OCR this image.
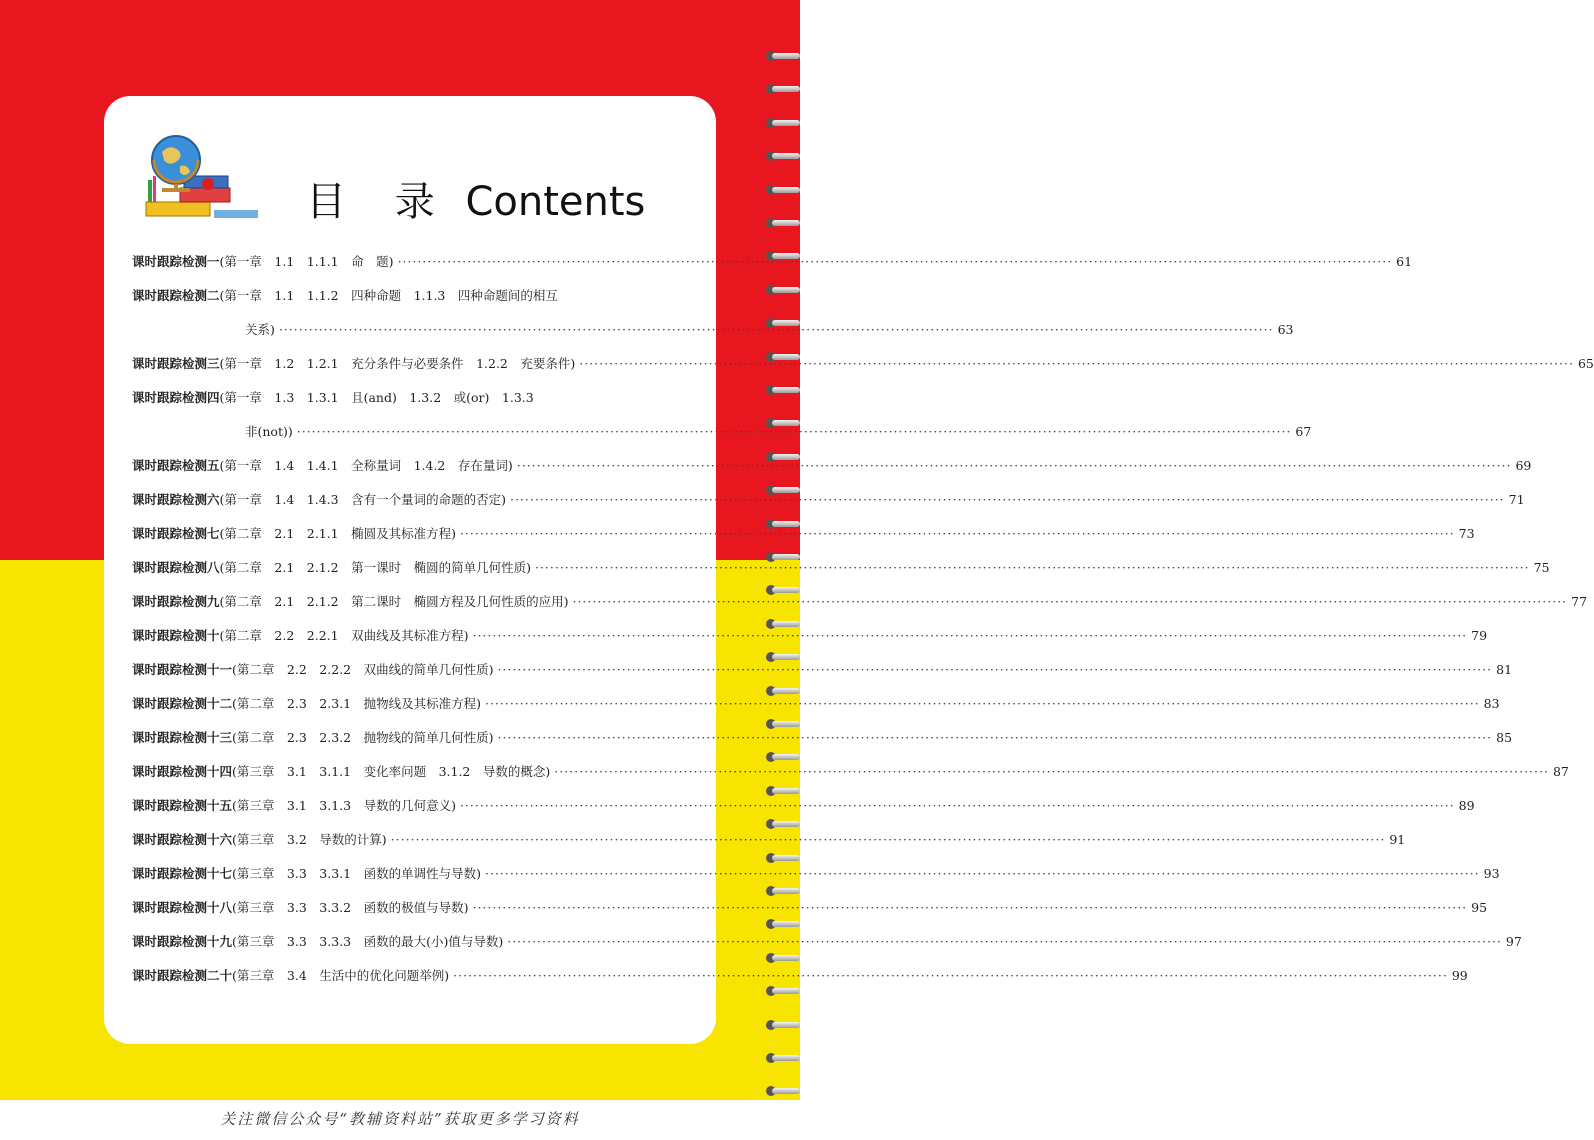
关注微信公众号“教辅资料站”获取更多学习资料
目 录 Contents
课时跟踪检测一 (第一章　1.1　1.1.1　命　题) ········································································································································································································ 61
课时跟踪检测二 (第一章　1.1　1.1.2　四种命题　1.1.3　四种命题间的相互
关系) ········································································································································································································ 63
课时跟踪检测三 (第一章　1.2　1.2.1　充分条件与必要条件　1.2.2　充要条件) ········································································································································································································ 65
课时跟踪检测四 (第一章　1.3　1.3.1　且(and)　1.3.2　或(or)　1.3.3
非(not)) ········································································································································································································ 67
课时跟踪检测五 (第一章　1.4　1.4.1　全称量词　1.4.2　存在量词) ········································································································································································································ 69
课时跟踪检测六 (第一章　1.4　1.4.3　含有一个量词的命题的否定) ········································································································································································································ 71
课时跟踪检测七 (第二章　2.1　2.1.1　椭圆及其标准方程) ········································································································································································································ 73
课时跟踪检测八 (第二章　2.1　2.1.2　第一课时　椭圆的简单几何性质) ········································································································································································································ 75
课时跟踪检测九 (第二章　2.1　2.1.2　第二课时　椭圆方程及几何性质的应用) ········································································································································································································ 77
课时跟踪检测十 (第二章　2.2　2.2.1　双曲线及其标准方程) ········································································································································································································ 79
课时跟踪检测十一 (第二章　2.2　2.2.2　双曲线的简单几何性质) ········································································································································································································ 81
课时跟踪检测十二 (第二章　2.3　2.3.1　抛物线及其标准方程) ········································································································································································································ 83
课时跟踪检测十三 (第二章　2.3　2.3.2　抛物线的简单几何性质) ········································································································································································································ 85
课时跟踪检测十四 (第三章　3.1　3.1.1　变化率问题　3.1.2　导数的概念) ········································································································································································································ 87
课时跟踪检测十五 (第三章　3.1　3.1.3　导数的几何意义) ········································································································································································································ 89
课时跟踪检测十六 (第三章　3.2　导数的计算) ········································································································································································································ 91
课时跟踪检测十七 (第三章　3.3　3.3.1　函数的单调性与导数) ········································································································································································································ 93
课时跟踪检测十八 (第三章　3.3　3.3.2　函数的极值与导数) ········································································································································································································ 95
课时跟踪检测十九 (第三章　3.3　3.3.3　函数的最大(小)值与导数) ········································································································································································································ 97
课时跟踪检测二十 (第三章　3.4　生活中的优化问题举例) ········································································································································································································ 99
